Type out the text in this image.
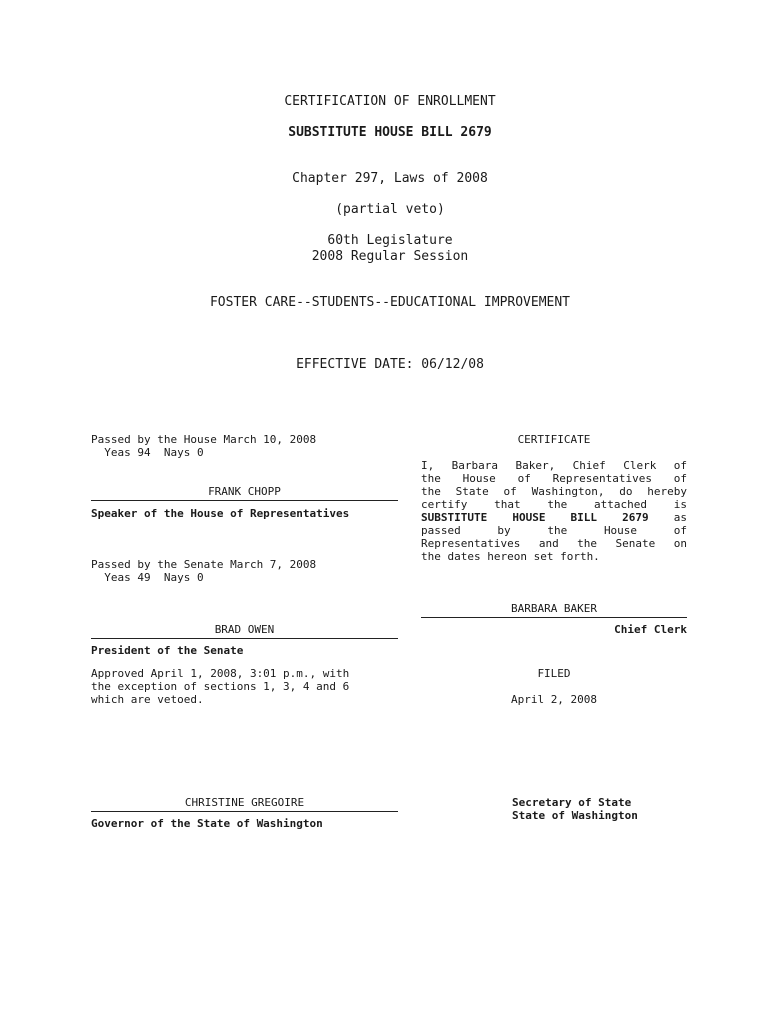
CERTIFICATION OF ENROLLMENT
SUBSTITUTE HOUSE BILL 2679
Chapter 297, Laws of 2008
(partial veto)
60th Legislature
2008 Regular Session
FOSTER CARE--STUDENTS--EDUCATIONAL IMPROVEMENT
EFFECTIVE DATE: 06/12/08
Passed by the House March 10, 2008
Yeas 94  Nays 0
FRANK CHOPP
Speaker of the House of Representatives
Passed by the Senate March 7, 2008
Yeas 49  Nays 0
BRAD OWEN
President of the Senate
Approved April 1, 2008, 3:01 p.m., with
the exception of sections 1, 3, 4 and 6
which are vetoed.
CHRISTINE GREGOIRE
Governor of the State of Washington
CERTIFICATE
I, Barbara Baker, Chief Clerk of
the House of Representatives of
the State of Washington, do hereby
certify that the attached is
SUBSTITUTE HOUSE BILL 2679 as
passed by the House of
Representatives and the Senate on
the dates hereon set forth.
BARBARA BAKER
Chief Clerk
FILED
April 2, 2008
Secretary of State
State of Washington
